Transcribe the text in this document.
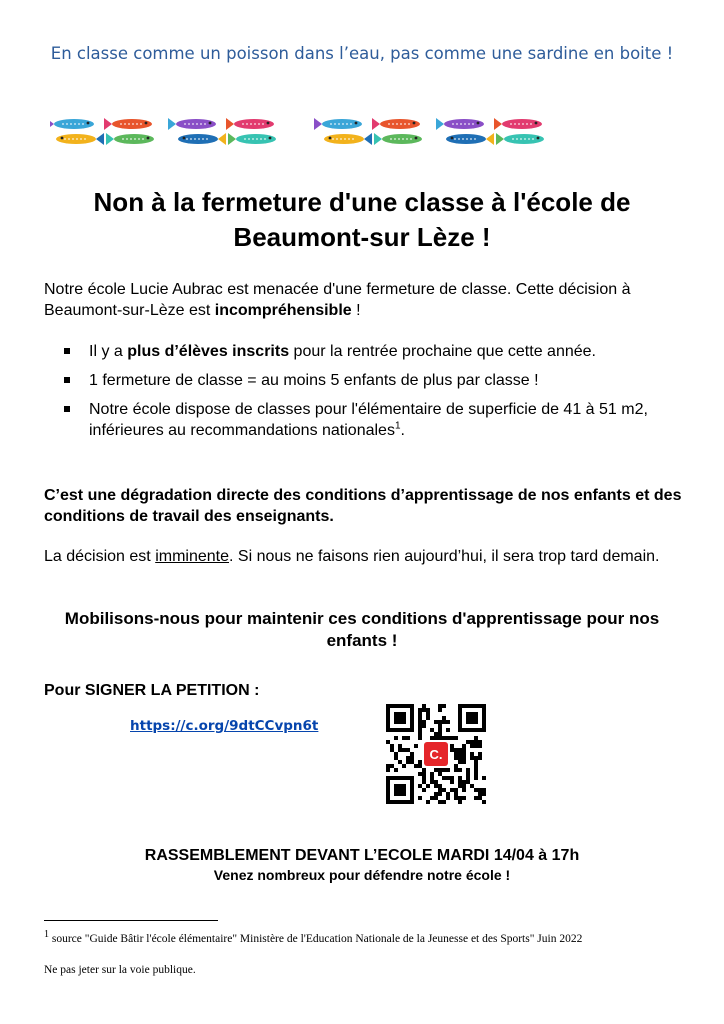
En classe comme un poisson dans l’eau, pas comme une sardine en boite !
Non à la fermeture d'une classe à l'école de Beaumont-sur Lèze !
Notre école Lucie Aubrac est menacée d'une fermeture de classe. Cette décision à Beaumont-sur-Lèze est incompréhensible !
Il y a plus d’élèves inscrits pour la rentrée prochaine que cette année.
1 fermeture de classe = au moins 5 enfants de plus par classe !
Notre école dispose de classes pour l'élémentaire de superficie de 41 à 51 m2, inférieures au recommandations nationales$^1$.
C’est une dégradation directe des conditions d’apprentissage de nos enfants et des conditions de travail des enseignants.
La décision est imminente. Si nous ne faisons rien aujourd’hui, il sera trop tard demain.
Mobilisons-nous pour maintenir ces conditions d'apprentissage pour nos enfants !
Pour SIGNER LA PETITION :
https://c.org/9dtCCvpn6t
C.
RASSEMBLEMENT DEVANT L’ECOLE MARDI 14/04 à 17h
Venez nombreux pour défendre notre école !
$^1$ source "Guide Bâtir l'école élémentaire" Ministère de l'Education Nationale de la Jeunesse et des Sports" Juin 2022
Ne pas jeter sur la voie publique.
